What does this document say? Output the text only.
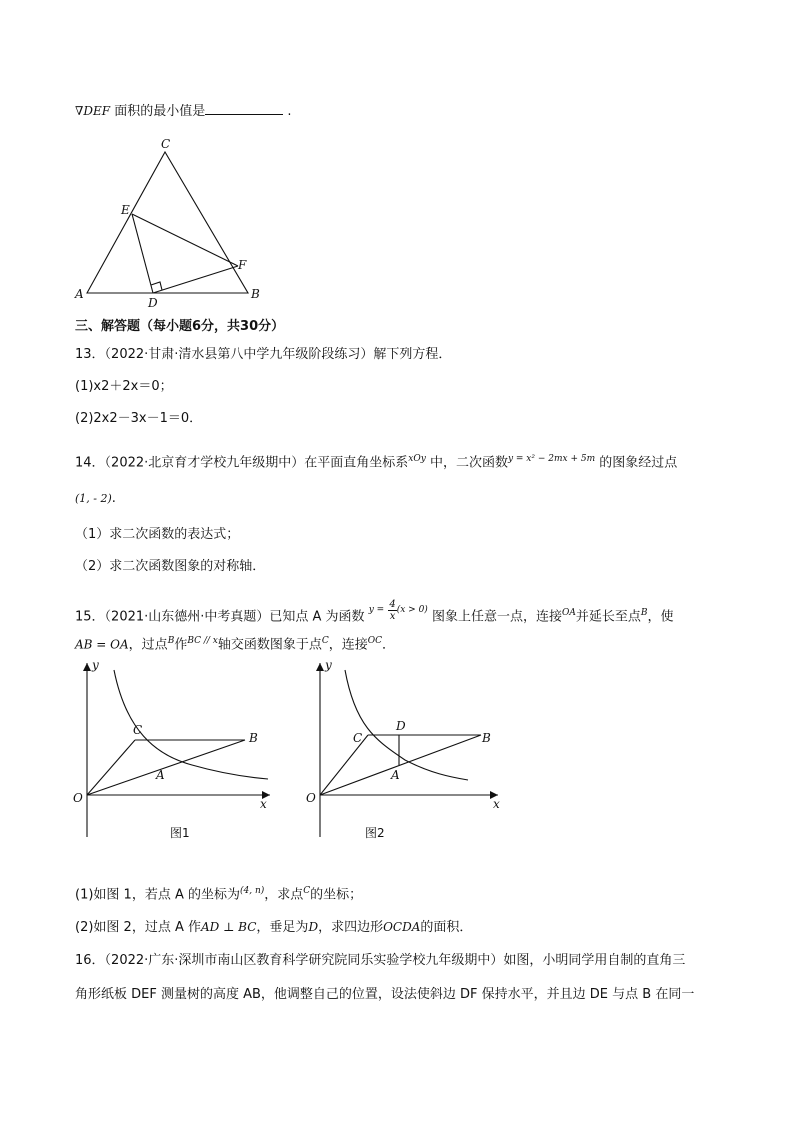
∇DEF 面积的最小值是	.
C
E
F
A
D
B
三、解答题（每小题6分，共30分）
13．（2022·甘肃·清水县第八中学九年级阶段练习）解下列方程．
(1)x2＋2x＝0；
(2)2x2－3x－1＝0．
14．（2022·北京育才学校九年级期中）在平面直角坐标系$^{xOy}$ 中，二次函数$^{y = x^2 - 2mx + 5m}$ 的图象经过点
(1, - 2).
（1）求二次函数的表达式；
（2）求二次函数图象的对称轴．
15．（2021·山东德州·中考真题）已知点 A 为函数 $^{y =} \frac{4}{x} ^{(x > 0)}$ 图象上任意一点，连接$^{OA}$并延长至点$^B$，使
AB = OA，过点$^B$作$^{BC // x}$轴交函数图象于点$^C$，连接$^{OC}$．
y
x
O
C
B
A
图1
y
x
O
C
D
B
A
图2
(1)如图 1，若点 A 的坐标为$^{(4, n)}$，求点$^C$的坐标；
(2)如图 2，过点 A 作AD ⊥ BC，垂足为D，求四边形OCDA的面积．
16．（2022·广东·深圳市南山区教育科学研究院同乐实验学校九年级期中）如图，小明同学用自制的直角三
角形纸板 DEF 测量树的高度 AB，他调整自己的位置，设法使斜边 DF 保持水平，并且边 DE 与点 B 在同一
